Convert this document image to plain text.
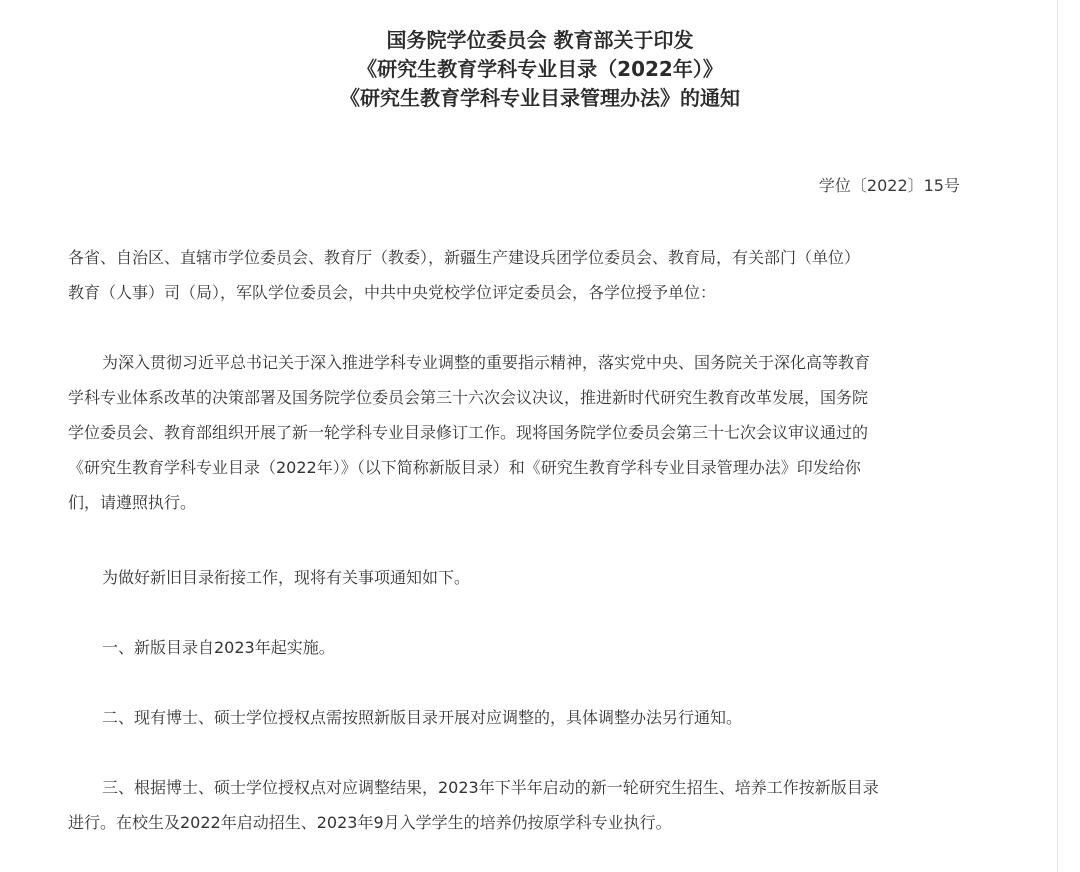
国务院学位委员会 教育部关于印发
《研究生教育学科专业目录（2022年）》
《研究生教育学科专业目录管理办法》的通知
学位〔2022〕15号
各省、自治区、直辖市学位委员会、教育厅（教委），新疆生产建设兵团学位委员会、教育局，有关部门（单位）
教育（人事）司（局），军队学位委员会，中共中央党校学位评定委员会，各学位授予单位：
为深入贯彻习近平总书记关于深入推进学科专业调整的重要指示精神，落实党中央、国务院关于深化高等教育
学科专业体系改革的决策部署及国务院学位委员会第三十六次会议决议，推进新时代研究生教育改革发展，国务院
学位委员会、教育部组织开展了新一轮学科专业目录修订工作。现将国务院学位委员会第三十七次会议审议通过的
《研究生教育学科专业目录（2022年）》（以下简称新版目录）和《研究生教育学科专业目录管理办法》印发给你
们，请遵照执行。
为做好新旧目录衔接工作，现将有关事项通知如下。
一、新版目录自2023年起实施。
二、现有博士、硕士学位授权点需按照新版目录开展对应调整的，具体调整办法另行通知。
三、根据博士、硕士学位授权点对应调整结果，2023年下半年启动的新一轮研究生招生、培养工作按新版目录
进行。在校生及2022年启动招生、2023年9月入学学生的培养仍按原学科专业执行。
